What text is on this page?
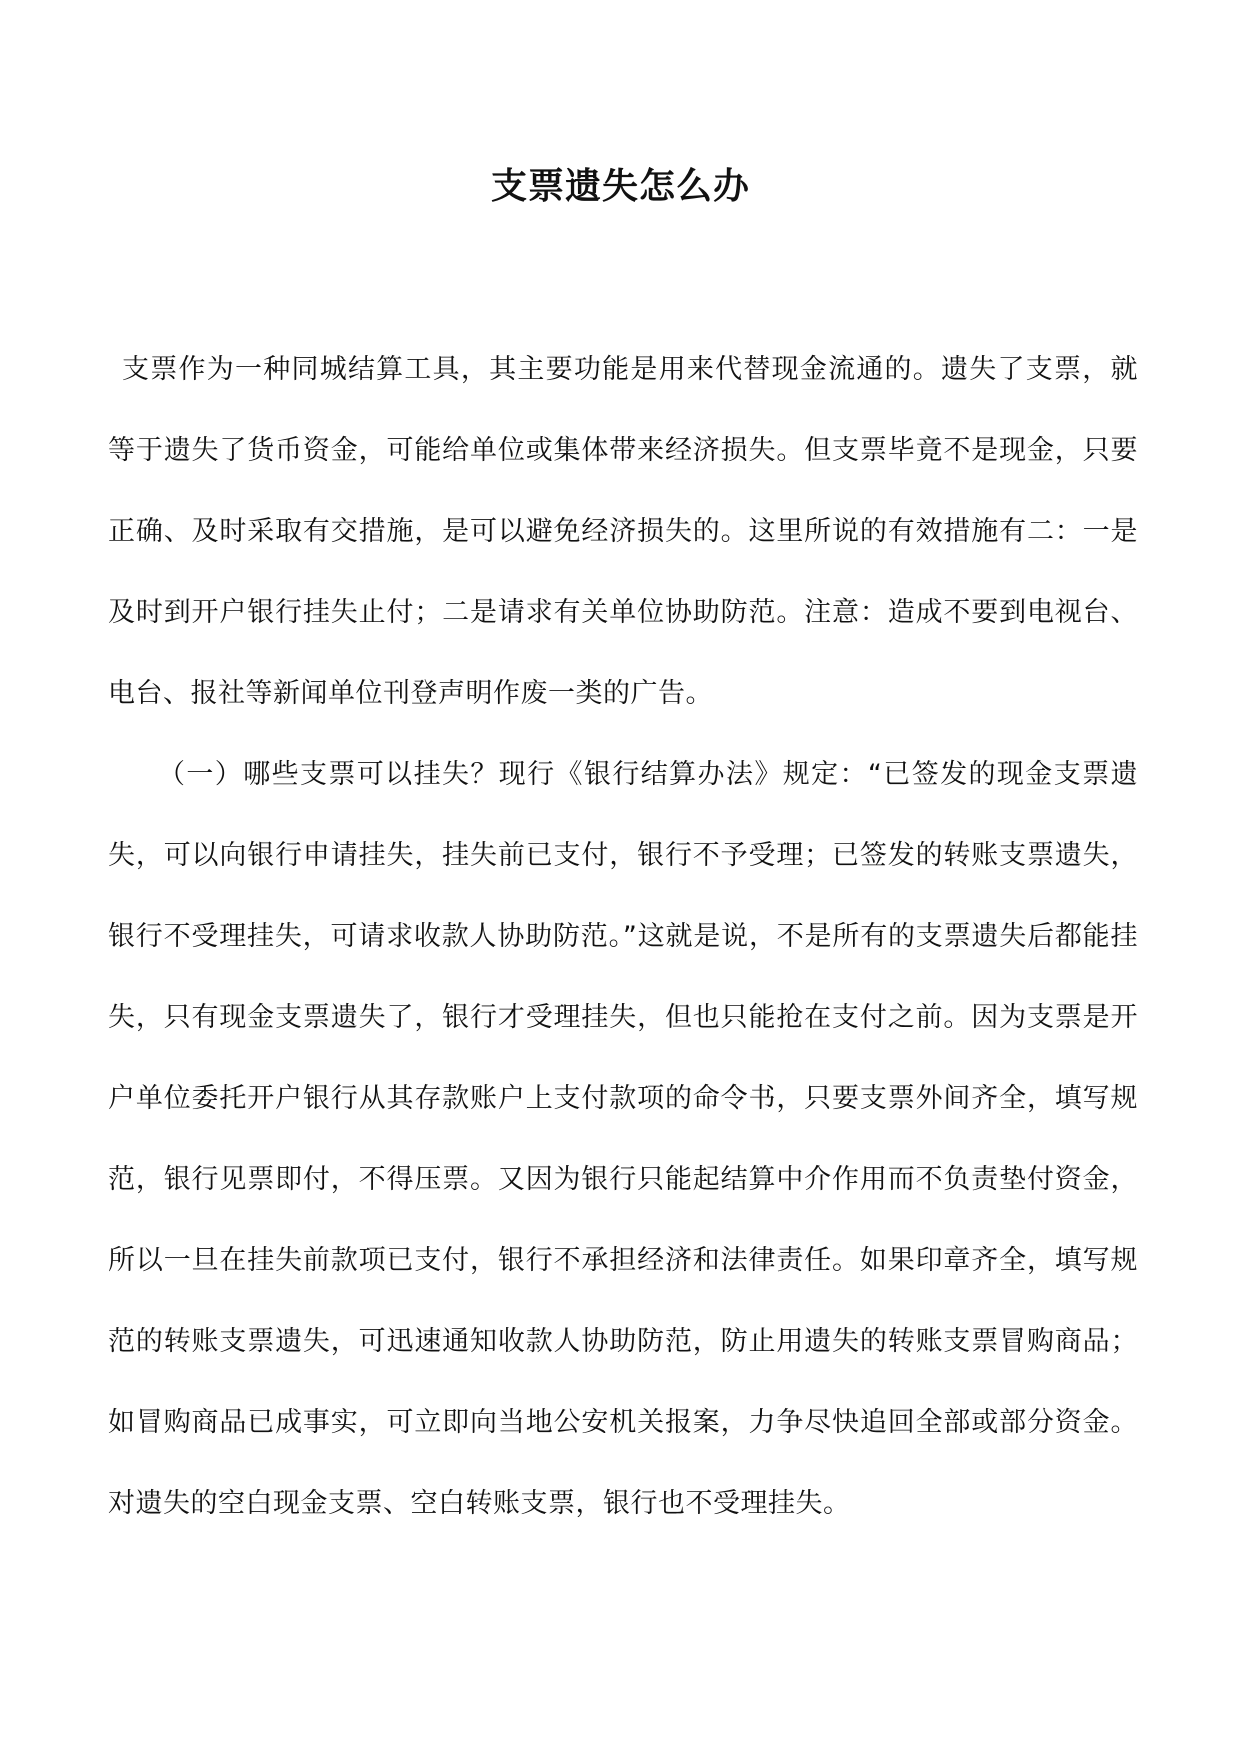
支票遗失怎么办

支票作为一种同城结算工具，其主要功能是用来代替现金流通的。遗失了支票，就等于遗失了货币资金，可能给单位或集体带来经济损失。但支票毕竟不是现金，只要正确、及时采取有交措施，是可以避免经济损失的。这里所说的有效措施有二：一是及时到开户银行挂失止付；二是请求有关单位协助防范。注意：造成不要到电视台、电台、报社等新闻单位刊登声明作废一类的广告。

（一）哪些支票可以挂失？现行《银行结算办法》规定：“已签发的现金支票遗失，可以向银行申请挂失，挂失前已支付，银行不予受理；已签发的转账支票遗失，银行不受理挂失，可请求收款人协助防范。”这就是说，不是所有的支票遗失后都能挂失，只有现金支票遗失了，银行才受理挂失，但也只能抢在支付之前。因为支票是开户单位委托开户银行从其存款账户上支付款项的命令书，只要支票外间齐全，填写规范，银行见票即付，不得压票。又因为银行只能起结算中介作用而不负责垫付资金，所以一旦在挂失前款项已支付，银行不承担经济和法律责任。如果印章齐全，填写规范的转账支票遗失，可迅速通知收款人协助防范，防止用遗失的转账支票冒购商品；如冒购商品已成事实，可立即向当地公安机关报案，力争尽快追回全部或部分资金。对遗失的空白现金支票、空白转账支票，银行也不受理挂失。
